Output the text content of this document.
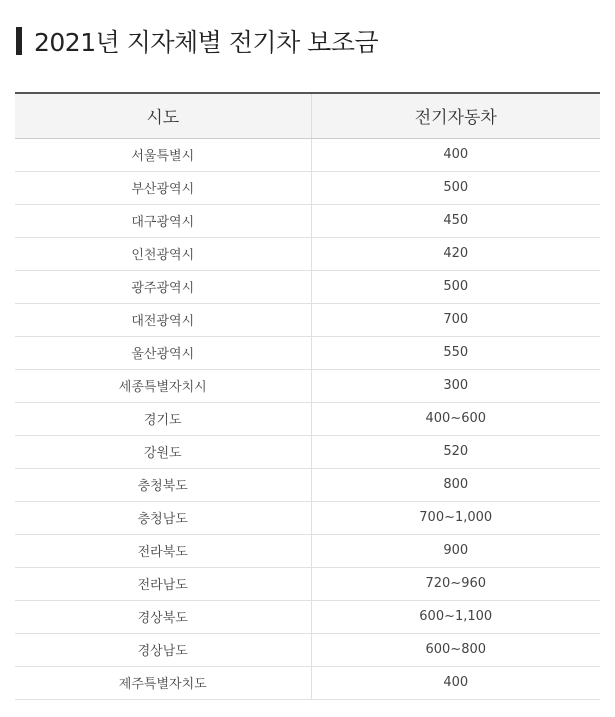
2021년 지자체별 전기차 보조금
시도	전기자동차
서울특별시	400
부산광역시	500
대구광역시	450
인천광역시	420
광주광역시	500
대전광역시	700
울산광역시	550
세종특별자치시	300
경기도	400~600
강원도	520
충청북도	800
충청남도	700~1,000
전라북도	900
전라남도	720~960
경상북도	600~1,100
경상남도	600~800
제주특별자치도	400
